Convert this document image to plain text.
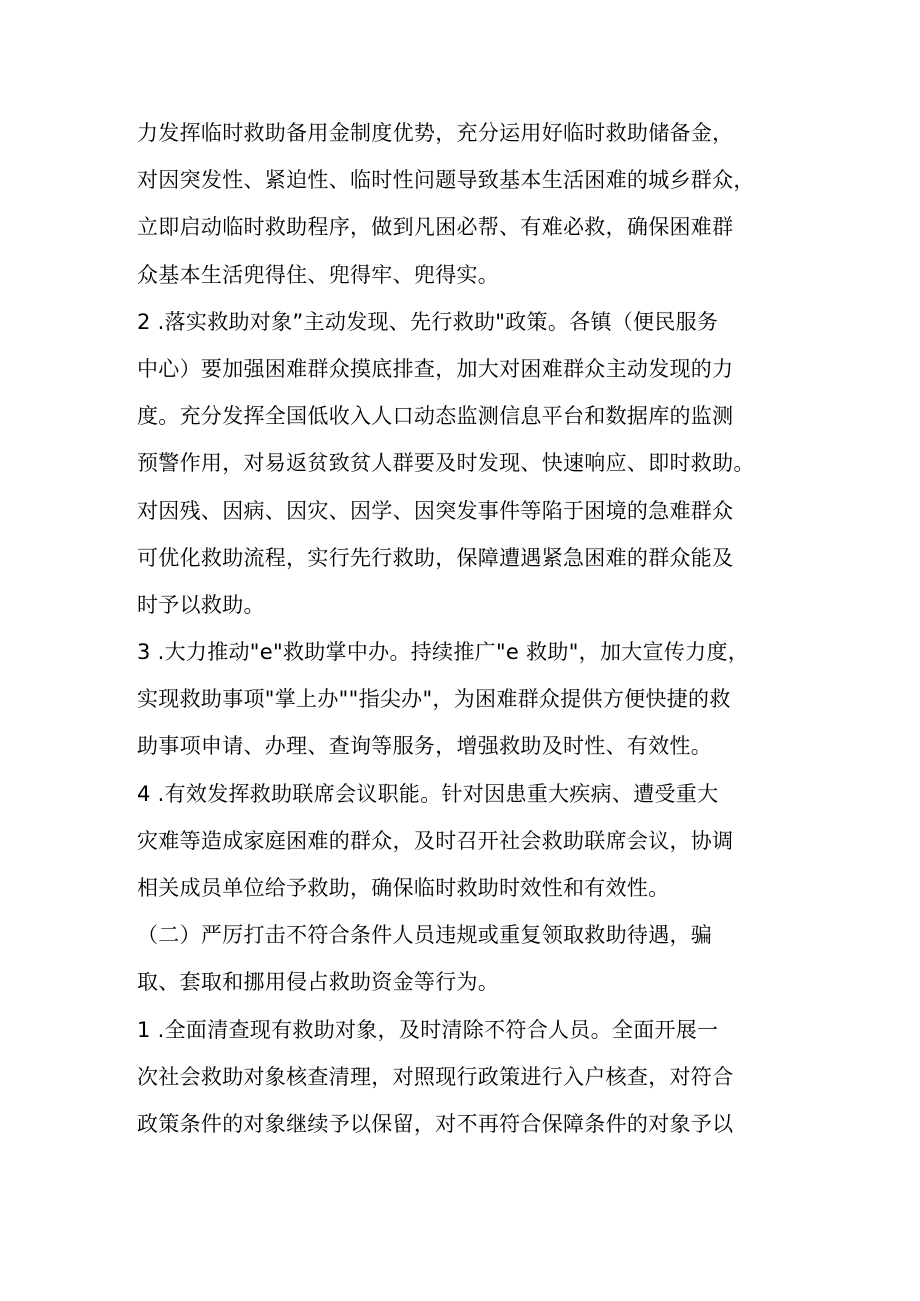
力发挥临时救助备用金制度优势，充分运用好临时救助储备金，
对因突发性、紧迫性、临时性问题导致基本生活困难的城乡群众，
立即启动临时救助程序，做到凡困必帮、有难必救，确保困难群
众基本生活兜得住、兜得牢、兜得实。
2 .落实救助对象”主动发现、先行救助"政策。各镇（便民服务
中心）要加强困难群众摸底排查，加大对困难群众主动发现的力
度。充分发挥全国低收入人口动态监测信息平台和数据库的监测
预警作用，对易返贫致贫人群要及时发现、快速响应、即时救助。
对因残、因病、因灾、因学、因突发事件等陷于困境的急难群众
可优化救助流程，实行先行救助，保障遭遇紧急困难的群众能及
时予以救助。
3 .大力推动"e"救助掌中办。持续推广"e 救助"，加大宣传力度，
实现救助事项"掌上办""指尖办"，为困难群众提供方便快捷的救
助事项申请、办理、查询等服务，增强救助及时性、有效性。
4 .有效发挥救助联席会议职能。针对因患重大疾病、遭受重大
灾难等造成家庭困难的群众，及时召开社会救助联席会议，协调
相关成员单位给予救助，确保临时救助时效性和有效性。
（二）严厉打击不符合条件人员违规或重复领取救助待遇，骗
取、套取和挪用侵占救助资金等行为。
1 .全面清查现有救助对象，及时清除不符合人员。全面开展一
次社会救助对象核查清理，对照现行政策进行入户核查，对符合
政策条件的对象继续予以保留，对不再符合保障条件的对象予以
